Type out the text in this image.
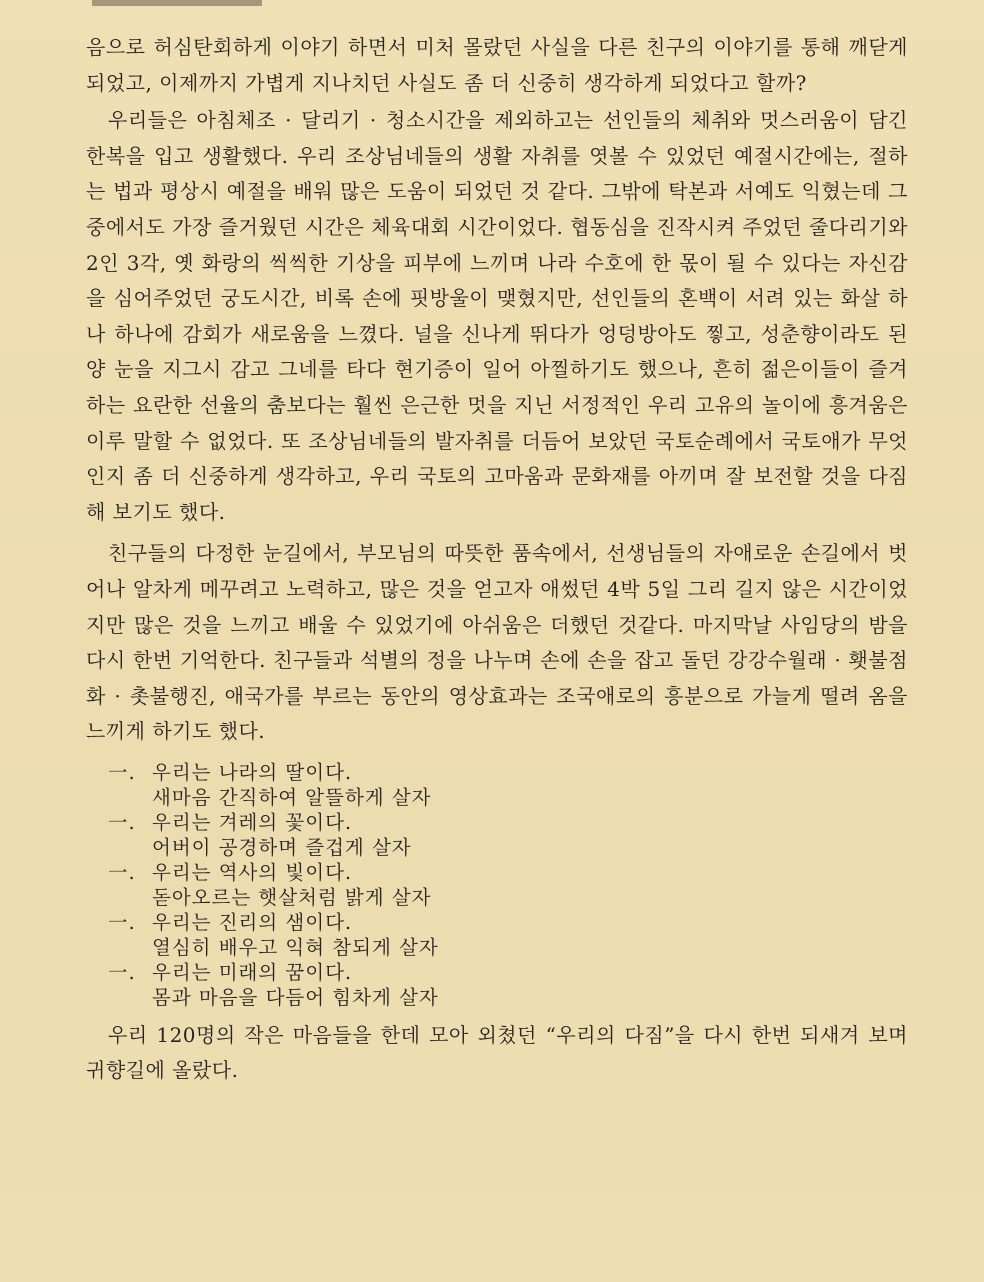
음으로 허심탄회하게 이야기 하면서 미처 몰랐던 사실을 다른 친구의 이야기를 통해 깨닫게 되었고, 이제까지 가볍게 지나치던 사실도 좀 더 신중히 생각하게 되었다고 할까?

우리들은 아침체조 · 달리기 · 청소시간을 제외하고는 선인들의 체취와 멋스러움이 담긴 한복을 입고 생활했다. 우리 조상님네들의 생활 자취를 엿볼 수 있었던 예절시간에는, 절하는 법과 평상시 예절을 배워 많은 도움이 되었던 것 같다. 그밖에 탁본과 서예도 익혔는데 그중에서도 가장 즐거웠던 시간은 체육대회 시간이었다. 협동심을 진작시켜 주었던 줄다리기와 2인 3각, 옛 화랑의 씩씩한 기상을 피부에 느끼며 나라 수호에 한 몫이 될 수 있다는 자신감을 심어주었던 궁도시간, 비록 손에 핏방울이 맺혔지만, 선인들의 혼백이 서려 있는 화살 하나 하나에 감회가 새로움을 느꼈다. 널을 신나게 뛰다가 엉덩방아도 찧고, 성춘향이라도 된 양 눈을 지그시 감고 그네를 타다 현기증이 일어 아찔하기도 했으나, 흔히 젊은이들이 즐겨하는 요란한 선율의 춤보다는 훨씬 은근한 멋을 지닌 서정적인 우리 고유의 놀이에 흥겨움은 이루 말할 수 없었다. 또 조상님네들의 발자취를 더듬어 보았던 국토순례에서 국토애가 무엇인지 좀 더 신중하게 생각하고, 우리 국토의 고마움과 문화재를 아끼며 잘 보전할 것을 다짐해 보기도 했다.

친구들의 다정한 눈길에서, 부모님의 따뜻한 품속에서, 선생님들의 자애로운 손길에서 벗어나 알차게 메꾸려고 노력하고, 많은 것을 얻고자 애썼던 4박 5일 그리 길지 않은 시간이었지만 많은 것을 느끼고 배울 수 있었기에 아쉬움은 더했던 것같다. 마지막날 사임당의 밤을 다시 한번 기억한다. 친구들과 석별의 정을 나누며 손에 손을 잡고 돌던 강강수월래 · 횃불점화 · 촛불행진, 애국가를 부르는 동안의 영상효과는 조국애로의 흥분으로 가늘게 떨려 옴을 느끼게 하기도 했다.

一. 우리는 나라의 딸이다.
새마음 간직하여 알뜰하게 살자
一. 우리는 겨레의 꽃이다.
어버이 공경하며 즐겁게 살자
一. 우리는 역사의 빛이다.
돋아오르는 햇살처럼 밝게 살자
一. 우리는 진리의 샘이다.
열심히 배우고 익혀 참되게 살자
一. 우리는 미래의 꿈이다.
몸과 마음을 다듬어 힘차게 살자

우리 120명의 작은 마음들을 한데 모아 외쳤던 “우리의 다짐”을 다시 한번 되새겨 보며 귀향길에 올랐다.
